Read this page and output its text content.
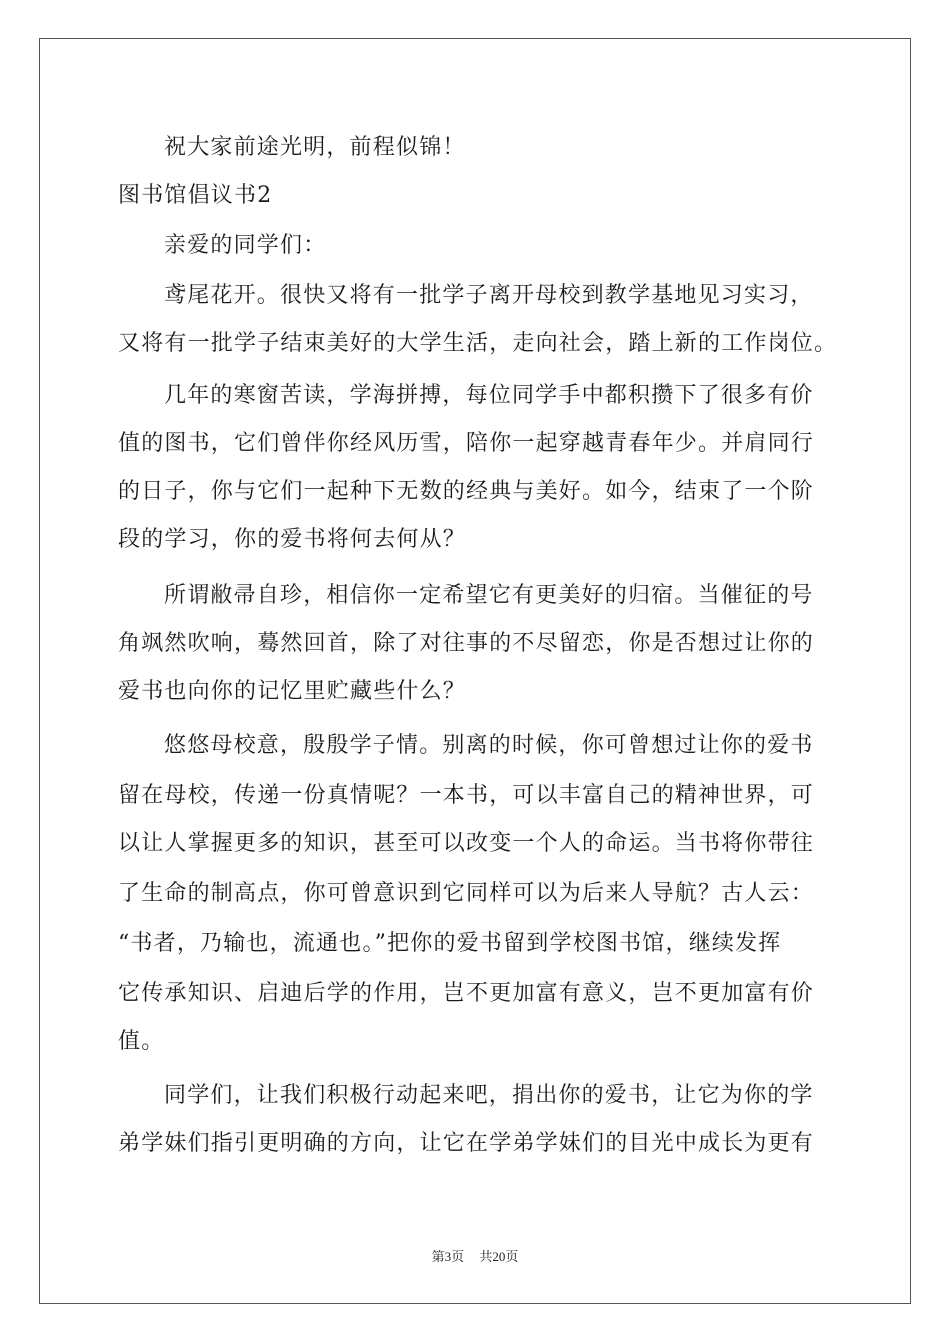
祝大家前途光明，前程似锦！
图书馆倡议书2
亲爱的同学们：
鸢尾花开。很快又将有一批学子离开母校到教学基地见习实习，
又将有一批学子结束美好的大学生活，走向社会，踏上新的工作岗位。
几年的寒窗苦读，学海拼搏，每位同学手中都积攒下了很多有价
值的图书，它们曾伴你经风历雪，陪你一起穿越青春年少。并肩同行
的日子，你与它们一起种下无数的经典与美好。如今，结束了一个阶
段的学习，你的爱书将何去何从？
所谓敝帚自珍，相信你一定希望它有更美好的归宿。当催征的号
角飒然吹响，蓦然回首，除了对往事的不尽留恋，你是否想过让你的
爱书也向你的记忆里贮藏些什么？
悠悠母校意，殷殷学子情。别离的时候，你可曾想过让你的爱书
留在母校，传递一份真情呢？一本书，可以丰富自己的精神世界，可
以让人掌握更多的知识，甚至可以改变一个人的命运。当书将你带往
了生命的制高点，你可曾意识到它同样可以为后来人导航？古人云：
“书者，乃输也，流通也。”把你的爱书留到学校图书馆，继续发挥
它传承知识、启迪后学的作用，岂不更加富有意义，岂不更加富有价
值。
同学们，让我们积极行动起来吧，捐出你的爱书，让它为你的学
弟学妹们指引更明确的方向，让它在学弟学妹们的目光中成长为更有
第3页 共20页
